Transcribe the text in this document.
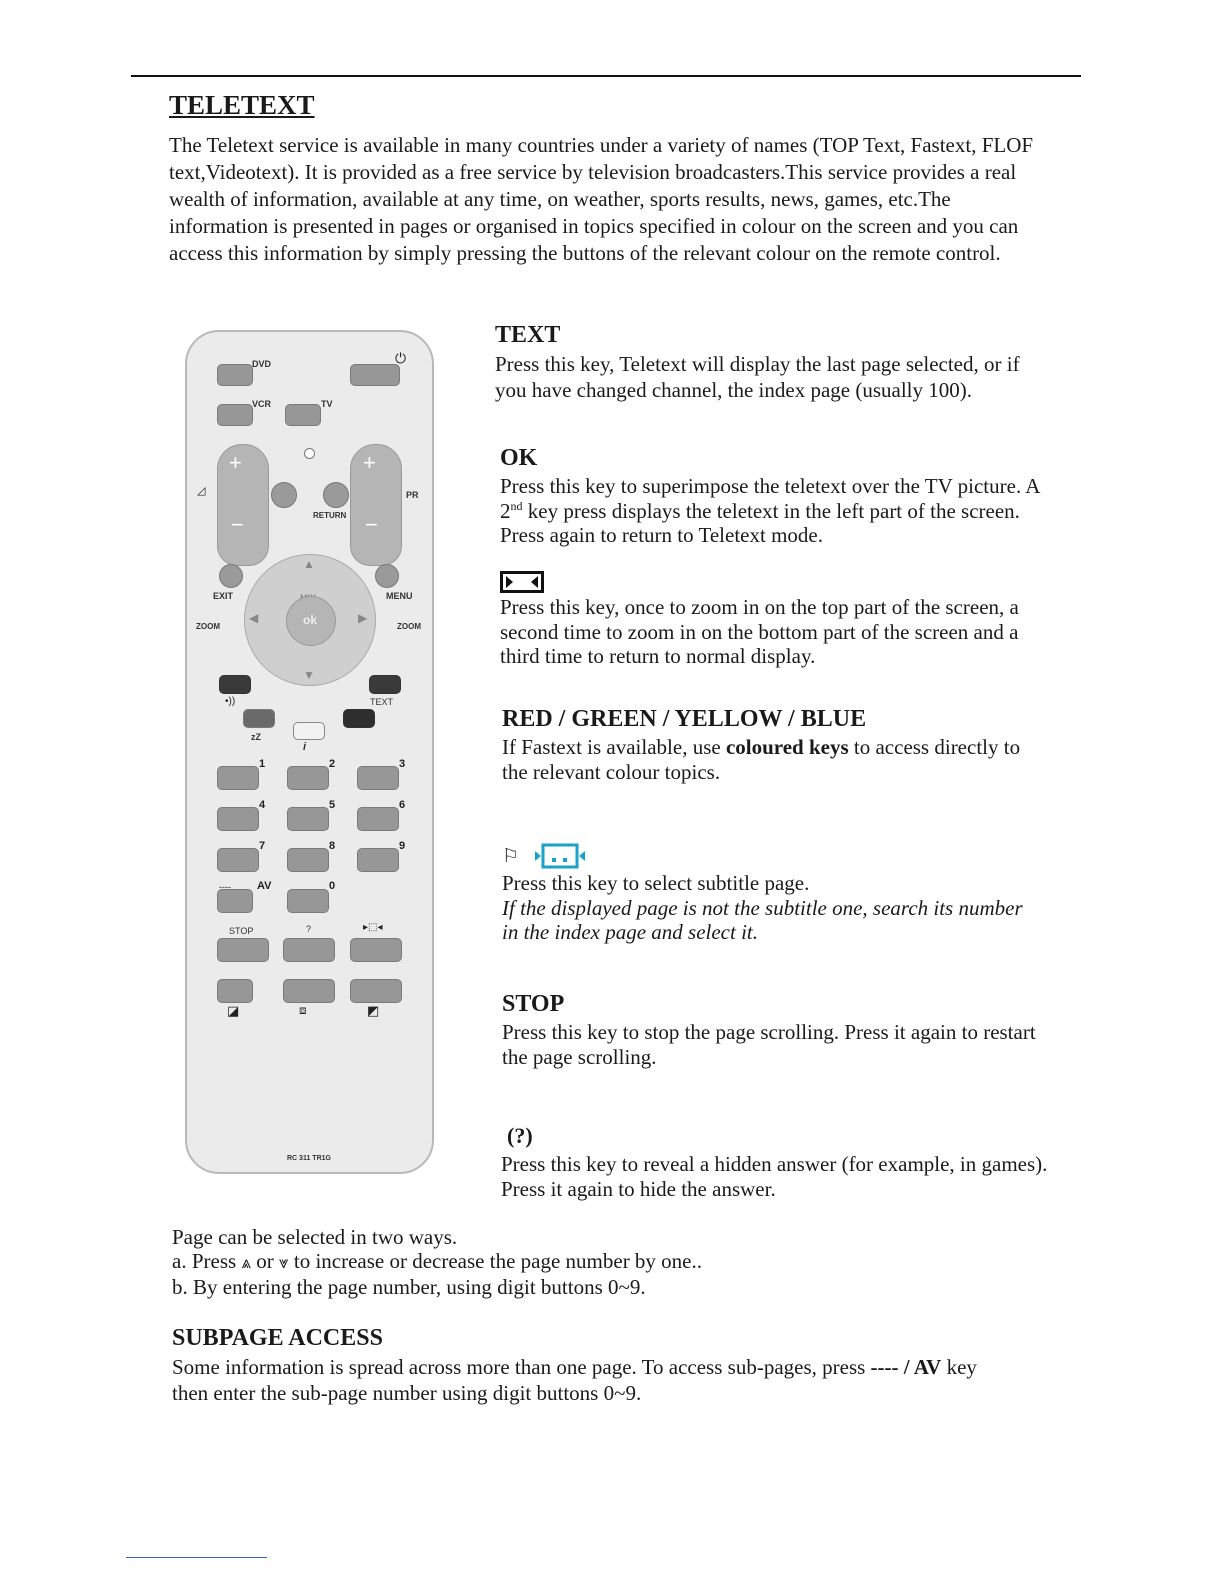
TELETEXT

The Teletext service is available in many countries under a variety of names (TOP Text, Fastext, FLOF text,Videotext). It is provided as a free service by television broadcasters.This service provides a real wealth of information, available at any time, on weather, sports results, news, games, etc.The information is presented in pages or organised in topics specified in colour on the screen and you can access this information by simply pressing the buttons of the relevant colour on the remote control.

DVD	⏻
VCR	TV
+
−
◿
+
−
PR
RETURN
EXIT	MENU
ZOOM	ZOOM
▲
▼
◀	▶
ok
TEXT
•))
i
zZ
1	2	3
4	5	6
7	8	9
---- AV	0
STOP	?	▸⬚◂
◪	⧈	◩
RC 311 TR1G
TEXT

Press this key, Teletext will display the last page selected, or if you have changed channel, the index page (usually 100).

OK

Press this key to superimpose the teletext over the TV picture. A 2nd key press displays the teletext in the left part of the screen. Press again to return to Teletext mode.

Press this key, once to zoom in on the top part of the screen, a second time to zoom in on the bottom part of the screen and a third time to return to normal display.

RED / GREEN / YELLOW / BLUE

If Fastext is available, use coloured keys to access directly to the relevant colour topics.

⚐

Press this key to select subtitle page.

If the displayed page is not the subtitle one, search its number in the index page and select it.

STOP

Press this key to stop the page scrolling. Press it again to restart the page scrolling.

(?)

Press this key to reveal a hidden answer (for example, in games). Press it again to hide the answer.

Page can be selected in two ways.
a. Press ⩓ or ⩔ to increase or decrease the page number by one..
b. By entering the page number, using digit buttons 0~9.
SUBPAGE ACCESS

Some information is spread across more than one page. To access sub-pages, press ---- / AV key then enter the sub-page number using digit buttons 0~9.
